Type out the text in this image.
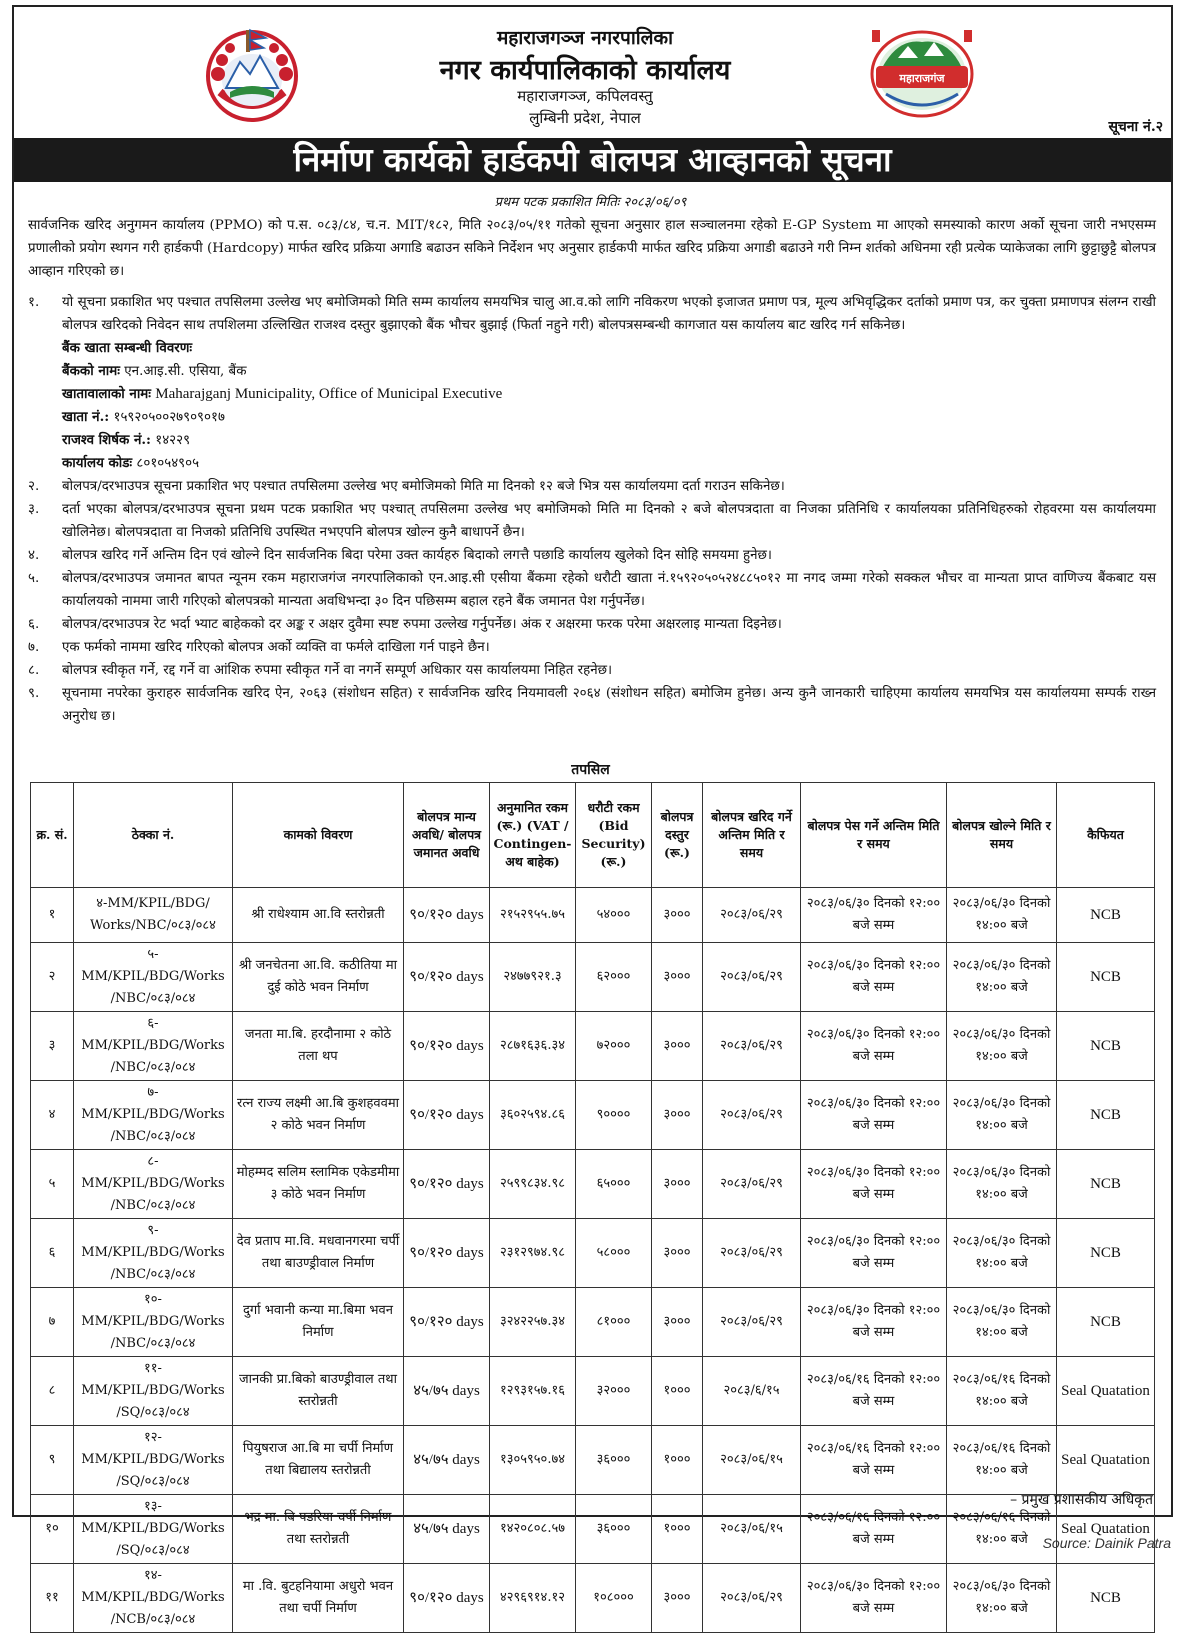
महाराजगञ्ज नगरपालिका
नगर कार्यपालिकाको कार्यालय
महाराजगञ्ज, कपिलवस्तु
लुम्बिनी प्रदेश, नेपाल
महाराजगंज
सूचना नं.२
निर्माण कार्यको हार्डकपी बोलपत्र आव्हानको सूचना
प्रथम पटक प्रकाशित मितिः २०८३/०६/०९
सार्वजनिक खरिद अनुगमन कार्यालय (PPMO) को प.स. ०८३/८४, च.न. MIT/१८२, मिति २०८३/०५/११ गतेको सूचना अनुसार हाल सञ्चालनमा रहेको E-GP System मा आएको समस्याको कारण अर्को सूचना जारी नभएसम्म प्रणालीको प्रयोग स्थगन गरी हार्डकपी (Hardcopy) मार्फत खरिद प्रक्रिया अगाडि बढाउन सकिने निर्देशन भए अनुसार हार्डकपी मार्फत खरिद प्रक्रिया अगाडी बढाउने गरी निम्न शर्तको अधिनमा रही प्रत्येक प्याकेजका लागि छुट्टाछुट्टै बोलपत्र आव्हान गरिएको छ।
१.	यो सूचना प्रकाशित भए पश्चात तपसिलमा उल्लेख भए बमोजिमको मिति सम्म कार्यालय समयभित्र चालु आ.व.को लागि नविकरण भएको इजाजत प्रमाण पत्र, मूल्य अभिवृद्धिकर दर्ताको प्रमाण पत्र, कर चुक्ता प्रमाणपत्र संलग्न राखी बोलपत्र खरिदको निवेदन साथ तपशिलमा उल्लिखित राजश्व दस्तुर बुझाएको बैंक भौचर बुझाई (फिर्ता नहुने गरी) बोलपत्रसम्बन्धी कागजात यस कार्यालय बाट खरिद गर्न सकिनेछ।
बैंक खाता सम्बन्धी विवरणः
बैंकको नामः एन.आइ.सी. एसिया, बैंक
खातावालाको नामः Maharajganj Municipality, Office of Municipal Executive
खाता नं.: १५९२०५००२७९०९०१७
राजश्व शिर्षक नं.: १४२२९
कार्यालय कोडः ८०१०५४९०५
२.	बोलपत्र/दरभाउपत्र सूचना प्रकाशित भए पश्चात तपसिलमा उल्लेख भए बमोजिमको मिति मा दिनको १२ बजे भित्र यस कार्यालयमा दर्ता गराउन सकिनेछ।
३.	दर्ता भएका बोलपत्र/दरभाउपत्र सूचना प्रथम पटक प्रकाशित भए पश्चात् तपसिलमा उल्लेख भए बमोजिमको मिति मा दिनको २ बजे बोलपत्रदाता वा निजका प्रतिनिधि र कार्यालयका प्रतिनिधिहरुको रोहवरमा यस कार्यालयमा खोलिनेछ। बोलपत्रदाता वा निजको प्रतिनिधि उपस्थित नभएपनि बोलपत्र खोल्न कुनै बाधापर्ने छैन।
४.	बोलपत्र खरिद गर्ने अन्तिम दिन एवं खोल्ने दिन सार्वजनिक बिदा परेमा उक्त कार्यहरु बिदाको लगत्तै पछाडि कार्यालय खुलेको दिन सोहि समयमा हुनेछ।
५.	बोलपत्र/दरभाउपत्र जमानत बापत न्यूनम रकम महाराजगंज नगरपालिकाको एन.आइ.सी एसीया बैंकमा रहेको धरौटी खाता नं.१५९२०५०५२४८८५०१२ मा नगद जम्मा गरेको सक्कल भौचर वा मान्यता प्राप्त वाणिज्य बैंकबाट यस कार्यालयको नाममा जारी गरिएको बोलपत्रको मान्यता अवधिभन्दा ३० दिन पछिसम्म बहाल रहने बैंक जमानत पेश गर्नुपर्नेछ।
६.	बोलपत्र/दरभाउपत्र रेट भर्दा भ्याट बाहेकको दर अङ्क र अक्षर दुवैमा स्पष्ट रुपमा उल्लेख गर्नुपर्नेछ। अंक र अक्षरमा फरक परेमा अक्षरलाइ मान्यता दिइनेछ।
७.	एक फर्मको नाममा खरिद गरिएको बोलपत्र अर्को व्यक्ति वा फर्मले दाखिला गर्न पाइने छैन।
८.	बोलपत्र स्वीकृत गर्ने, रद्द गर्ने वा आंशिक रुपमा स्वीकृत गर्ने वा नगर्ने सम्पूर्ण अधिकार यस कार्यालयमा निहित रहनेछ।
९.	सूचनामा नपरेका कुराहरु सार्वजनिक खरिद ऐन, २०६३ (संशोधन सहित) र सार्वजनिक खरिद नियमावली २०६४ (संशोधन सहित) बमोजिम हुनेछ। अन्य कुनै जानकारी चाहिएमा कार्यालय समयभित्र यस कार्यालयमा सम्पर्क राख्न अनुरोध छ।
तपसिल
क्र. सं.	ठेक्का नं.	कामको विवरण	बोलपत्र मान्य अवधि/ बोलपत्र जमानत अवधि	अनुमानित रकम (रू.) (VAT / Contingen- अथ बाहेक)	धरौटी रकम (Bid Security) (रू.)	बोलपत्र दस्तुर (रू.)	बोलपत्र खरिद गर्ने अन्तिम मिति र समय	बोलपत्र पेस गर्ने अन्तिम मिति र समय	बोलपत्र खोल्ने मिति र समय	कैफियत
१	४-MM/KPIL/BDG/ Works/NBC/०८३/०८४	श्री राधेश्याम आ.वि स्तरोन्नती	९०/१२० days	२१५२९५५.७५	५४०००	३०००	२०८३/०६/२९	२०८३/०६/३० दिनको १२:०० बजे सम्म	२०८३/०६/३० दिनको १४:०० बजे	NCB
२	५-MM/KPIL/BDG/Works /NBC/०८३/०८४	श्री जनचेतना आ.वि. कठीतिया मा दुई कोठे भवन निर्माण	९०/१२० days	२४७७९२१.३	६२०००	३०००	२०८३/०६/२९	२०८३/०६/३० दिनको १२:०० बजे सम्म	२०८३/०६/३० दिनको १४:०० बजे	NCB
३	६-MM/KPIL/BDG/Works /NBC/०८३/०८४	जनता मा.बि. हरदौनामा २ कोठे तला थप	९०/१२० days	२८७१६३६.३४	७२०००	३०००	२०८३/०६/२९	२०८३/०६/३० दिनको १२:०० बजे सम्म	२०८३/०६/३० दिनको १४:०० बजे	NCB
४	७-MM/KPIL/BDG/Works /NBC/०८३/०८४	रत्न राज्य लक्ष्मी आ.बि कुशहववमा २ कोठे भवन निर्माण	९०/१२० days	३६०२५९४.८६	९००००	३०००	२०८३/०६/२९	२०८३/०६/३० दिनको १२:०० बजे सम्म	२०८३/०६/३० दिनको १४:०० बजे	NCB
५	८-MM/KPIL/BDG/Works /NBC/०८३/०८४	मोहम्मद सलिम स्लामिक एकेडमीमा ३ कोठे भवन निर्माण	९०/१२० days	२५९९८३४.९८	६५०००	३०००	२०८३/०६/२९	२०८३/०६/३० दिनको १२:०० बजे सम्म	२०८३/०६/३० दिनको १४:०० बजे	NCB
६	९-MM/KPIL/BDG/Works /NBC/०८३/०८४	देव प्रताप मा.वि. मधवानगरमा चर्पी तथा बाउण्ड्रीवाल निर्माण	९०/१२० days	२३१२९७४.९८	५८०००	३०००	२०८३/०६/२९	२०८३/०६/३० दिनको १२:०० बजे सम्म	२०८३/०६/३० दिनको १४:०० बजे	NCB
७	१०-MM/KPIL/BDG/Works /NBC/०८३/०८४	दुर्गा भवानी कन्या मा.बिमा भवन निर्माण	९०/१२० days	३२४२२५७.३४	८१०००	३०००	२०८३/०६/२९	२०८३/०६/३० दिनको १२:०० बजे सम्म	२०८३/०६/३० दिनको १४:०० बजे	NCB
८	११-MM/KPIL/BDG/Works /SQ/०८३/०८४	जानकी प्रा.बिको बाउण्ड्रीवाल तथा स्तरोन्नती	४५/७५ days	१२९३१५७.१६	३२०००	१०००	२०८३/६/१५	२०८३/०६/१६ दिनको १२:०० बजे सम्म	२०८३/०६/१६ दिनको १४:०० बजे	Seal Quatation
९	१२-MM/KPIL/BDG/Works /SQ/०८३/०८४	पियुषराज आ.बि मा चर्पी निर्माण तथा बिद्यालय स्तरोन्नती	४५/७५ days	१३०५९५०.७४	३६०००	१०००	२०८३/०६/१५	२०८३/०६/१६ दिनको १२:०० बजे सम्म	२०८३/०६/१६ दिनको १४:०० बजे	Seal Quatation
१०	१३-MM/KPIL/BDG/Works /SQ/०८३/०८४	भद्र मा. बि पडरिया चर्पी निर्माण तथा स्तरोन्नती	४५/७५ days	१४२०८०८.५७	३६०००	१०००	२०८३/०६/१५	२०८३/०६/१६ दिनको १२:०० बजे सम्म	२०८३/०६/१६ दिनको १४:०० बजे	Seal Quatation
११	१४-MM/KPIL/BDG/Works /NCB/०८३/०८४	मा .वि. बुटहनियामा अधुरो भवन तथा चर्पी निर्माण	९०/१२० days	४२९६९१४.१२	१०८०००	३०००	२०८३/०६/२९	२०८३/०६/३० दिनको १२:०० बजे सम्म	२०८३/०६/३० दिनको १४:०० बजे	NCB
– प्रमुख प्रशासकीय अधिकृत
Source: Dainik Patra
